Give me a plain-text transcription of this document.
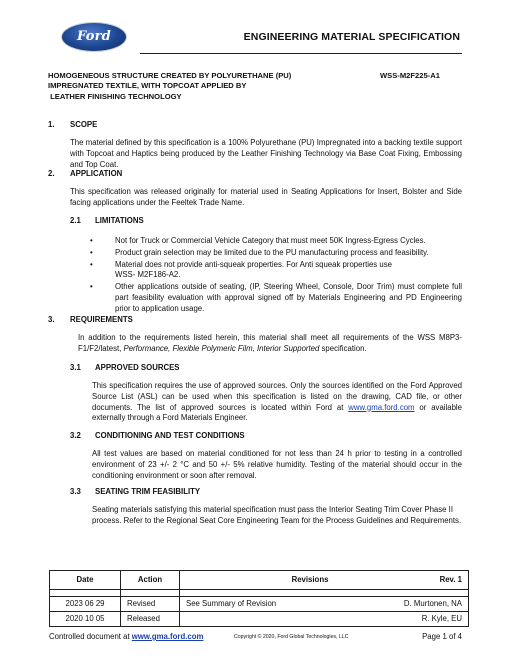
Ford	ENGINEERING MATERIAL SPECIFICATION
HOMOGENEOUS STRUCTURE CREATED BY POLYURETHANE (PU)
IMPREGNATED TEXTILE, WITH TOPCOAT APPLIED BY
LEATHER FINISHING TECHNOLOGY
WSS-M2F225-A1
1. SCOPE
The material defined by this specification is a 100% Polyurethane (PU) Impregnated into a backing textile support with Topcoat and Haptics being produced by the Leather Finishing Technology via Base Coat Fixing, Embossing and Top Coat.
2. APPLICATION
This specification was released originally for material used in Seating Applications for Insert, Bolster and Side facing applications under the Feeltek Trade Name.
2.1 LIMITATIONS
•	Not for Truck or Commercial Vehicle Category that must meet 50K Ingress-Egress Cycles.
•	Product grain selection may be limited due to the PU manufacturing process and feasibility.
•	Material does not provide anti-squeak properties. For Anti squeak properties use
WSS- M2F186-A2.
•	Other applications outside of seating, (IP, Steering Wheel, Console, Door Trim) must complete full part feasibility evaluation with approval signed off by Materials Engineering and PD Engineering prior to application usage.
3. REQUIREMENTS
In addition to the requirements listed herein, this material shall meet all requirements of the WSS M8P3-F1/F2/latest, Performance, Flexible Polymeric Film, Interior Supported specification.
3.1 APPROVED SOURCES
This specification requires the use of approved sources. Only the sources identified on the Ford Approved Source List (ASL) can be used when this specification is listed on the drawing, CAD file, or other documents. The list of approved sources is located within Ford at www.gma.ford.com or available externally through a Ford Materials Engineer.
3.2 CONDITIONING AND TEST CONDITIONS
All test values are based on material conditioned for not less than 24 h prior to testing in a controlled environment of 23 +/- 2 °C and 50 +/- 5% relative humidity. Testing of the material should occur in the conditioning environment or soon after removal.
3.3 SEATING TRIM FEASIBILITY
Seating materials satisfying this material specification must pass the Interior Seating Trim Cover Phase II process. Refer to the Regional Seat Core Engineering Team for the Process Guidelines and Requirements.
Date	Action	Revisions	Rev. 1

2023 06 29	Revised	See Summary of Revision	D. Murtonen, NA
2020 10 05	Released		R. Kyle, EU
Controlled document at www.gma.ford.com	Copyright © 2020, Ford Global Technologies, LLC	Page 1 of 4
